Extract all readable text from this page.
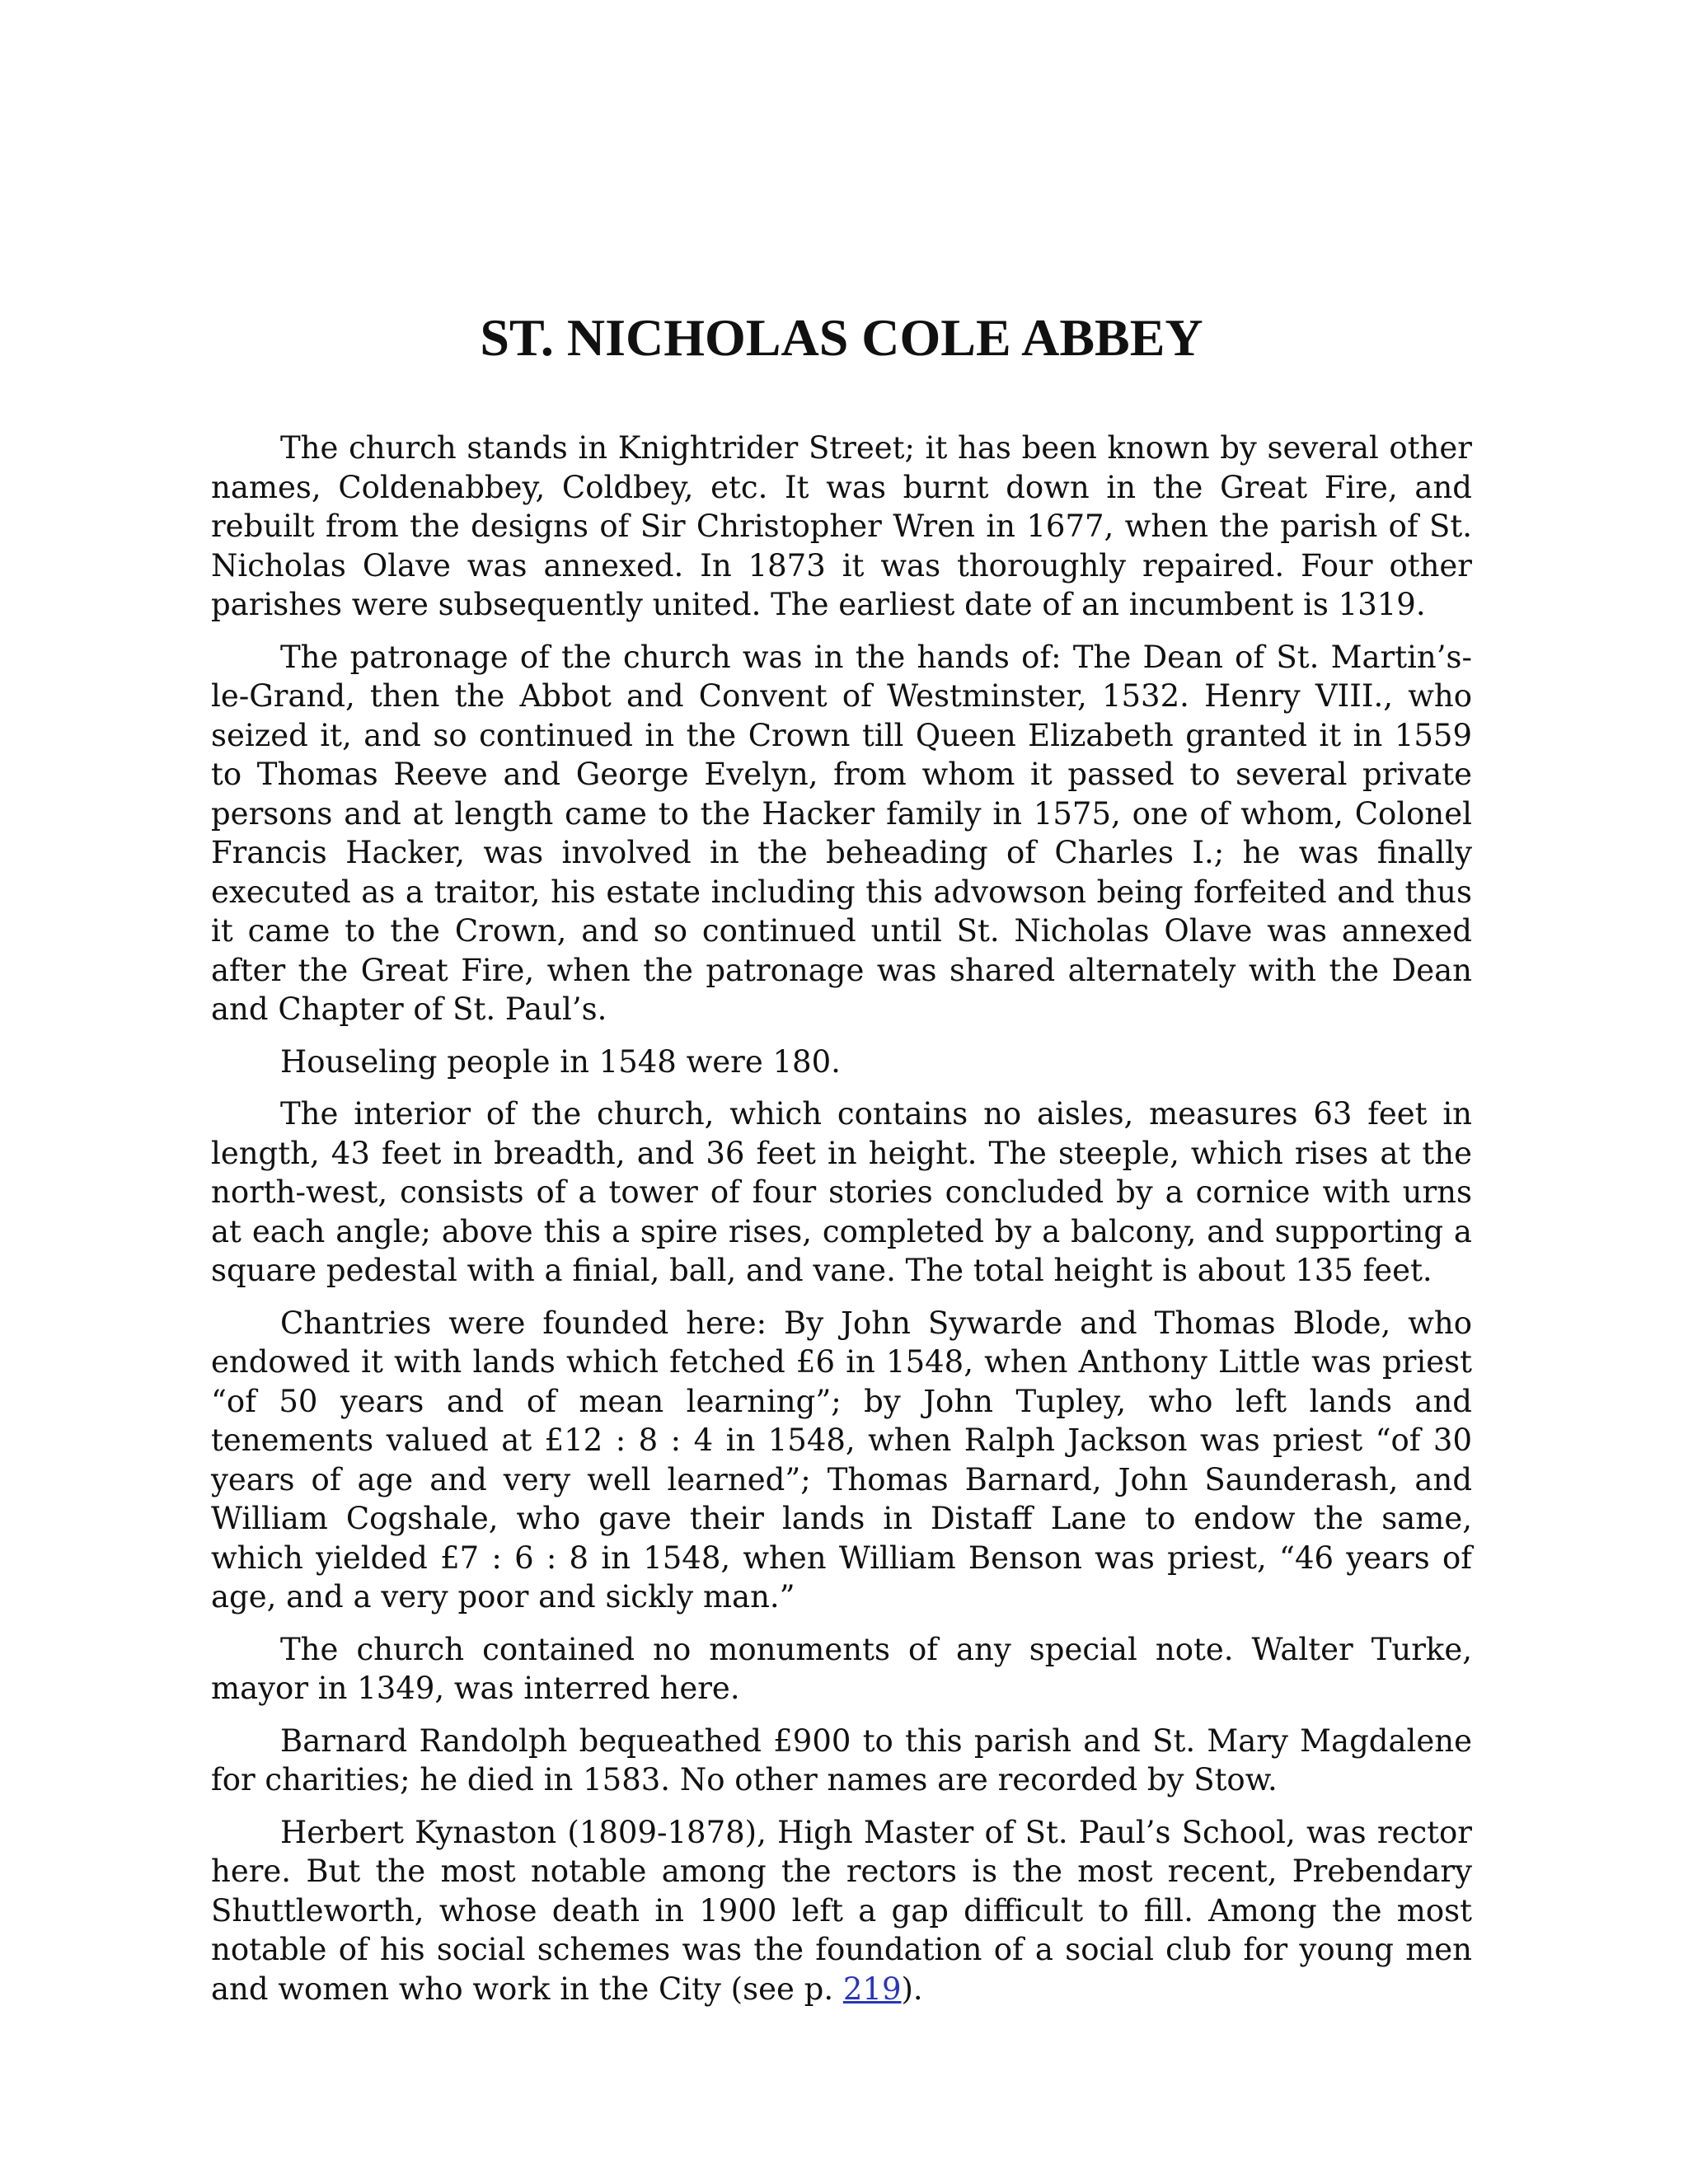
ST. NICHOLAS COLE ABBEY

The church stands in Knightrider Street; it has been known by several other names, Coldenabbey, Coldbey, etc. It was burnt down in the Great Fire, and rebuilt from the designs of Sir Christopher Wren in 1677, when the parish of St. Nicholas Olave was annexed. In 1873 it was thoroughly repaired. Four other parishes were subsequently united. The earliest date of an incumbent is 1319.

The patronage of the church was in the hands of: The Dean of St. Martin’s-le-Grand, then the Abbot and Convent of Westminster, 1532. Henry VIII., who seized it, and so continued in the Crown till Queen Elizabeth granted it in 1559 to Thomas Reeve and George Evelyn, from whom it passed to several private persons and at length came to the Hacker family in 1575, one of whom, Colonel Francis Hacker, was involved in the beheading of Charles I.; he was finally executed as a traitor, his estate including this advowson being forfeited and thus it came to the Crown, and so continued until St. Nicholas Olave was annexed after the Great Fire, when the patronage was shared alternately with the Dean and Chapter of St. Paul’s.

Houseling people in 1548 were 180.

The interior of the church, which contains no aisles, measures 63 feet in length, 43 feet in breadth, and 36 feet in height. The steeple, which rises at the north-west, consists of a tower of four stories concluded by a cornice with urns at each angle; above this a spire rises, completed by a balcony, and supporting a square pedestal with a finial, ball, and vane. The total height is about 135 feet.

Chantries were founded here: By John Sywarde and Thomas Blode, who endowed it with lands which fetched £6 in 1548, when Anthony Little was priest “of 50 years and of mean learning”; by John Tupley, who left lands and tenements valued at £12 : 8 : 4 in 1548, when Ralph Jackson was priest “of 30 years of age and very well learned”; Thomas Barnard, John Saunderash, and William Cogshale, who gave their lands in Distaff Lane to endow the same, which yielded £7 : 6 : 8 in 1548, when William Benson was priest, “46 years of age, and a very poor and sickly man.”

The church contained no monuments of any special note. Walter Turke, mayor in 1349, was interred here.

Barnard Randolph bequeathed £900 to this parish and St. Mary Magdalene for charities; he died in 1583. No other names are recorded by Stow.

Herbert Kynaston (1809-1878), High Master of St. Paul’s School, was rector here. But the most notable among the rectors is the most recent, Prebendary Shuttleworth, whose death in 1900 left a gap difficult to fill. Among the most notable of his social schemes was the foundation of a social club for young men and women who work in the City (see p. 219).
